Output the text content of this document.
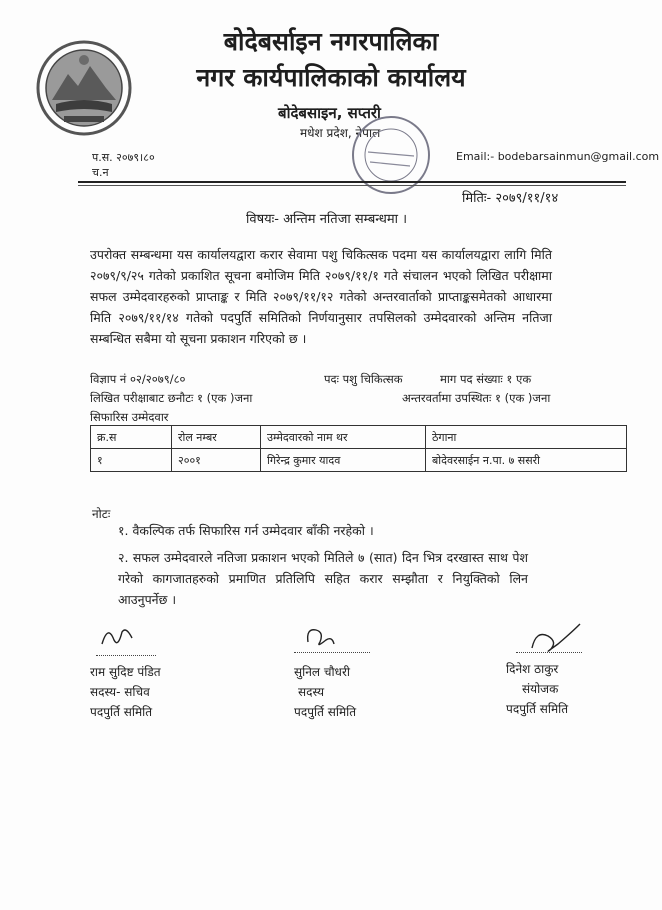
बोदेबर्साइन नगरपालिका
नगर कार्यपालिकाको कार्यालय
बोदेबसाइन, सप्तरी
मधेश प्रदेश, नेपाल
प.स. २०७९।८०
च.न
Email:- bodebarsainmun@gmail.com
मितिः- २०७९/११/१४
विषयः- अन्तिम नतिजा सम्बन्धमा ।
उपरोक्त सम्बन्धमा यस कार्यालयद्वारा करार सेवामा पशु चिकित्सक पदमा यस कार्यालयद्वारा लागि मिति २०७९/९/२५ गतेको प्रकाशित सूचना बमोजिम मिति २०७९/११/१ गते संचालन भएको लिखित परीक्षामा सफल उम्मेदवारहरुको प्राप्ताङ्क र मिति २०७९/११/१२ गतेको अन्तरवार्ताको प्राप्ताङ्कसमेतको आधारमा मिति २०७९/११/१४ गतेको पदपुर्ति समितिको निर्णयानुसार तपसिलको उम्मेदवारको अन्तिम नतिजा सम्बन्धित सबैमा यो सूचना प्रकाशन गरिएको छ ।
विज्ञाप नं ०२/२०७९/८०	पदः पशु चिकित्सक	माग पद संख्याः १ एक
लिखित परीक्षाबाट छनौटः १ (एक )जना	अन्तरवर्तामा उपस्थितः १ (एक )जना
सिफारिस उम्मेदवार
क्र.स	रोल नम्बर	उम्मेदवारको नाम थर	ठेगाना
१	२००१	गिरेन्द्र कुमार यादव	बोदेवरसाईन न.पा. ७ ससरी
नोटः
१. वैकल्पिक तर्फ सिफारिस गर्न उम्मेदवार बाँकी नरहेको ।
२. सफल उम्मेदवारले नतिजा प्रकाशन भएको मितिले ७ (सात) दिन भित्र दरखास्त साथ पेश गरेको कागजातहरुको प्रमाणित प्रतिलिपि सहित करार सम्झौता र नियुक्तिको लिन आउनुपर्नेछ ।
राम सुदिष्ट पंडित
सदस्य- सचिव
पदपुर्ति समिति
सुनिल चौधरी
सदस्य
पदपुर्ति समिति
दिनेश ठाकुर
संयोजक
पदपुर्ति समिति
